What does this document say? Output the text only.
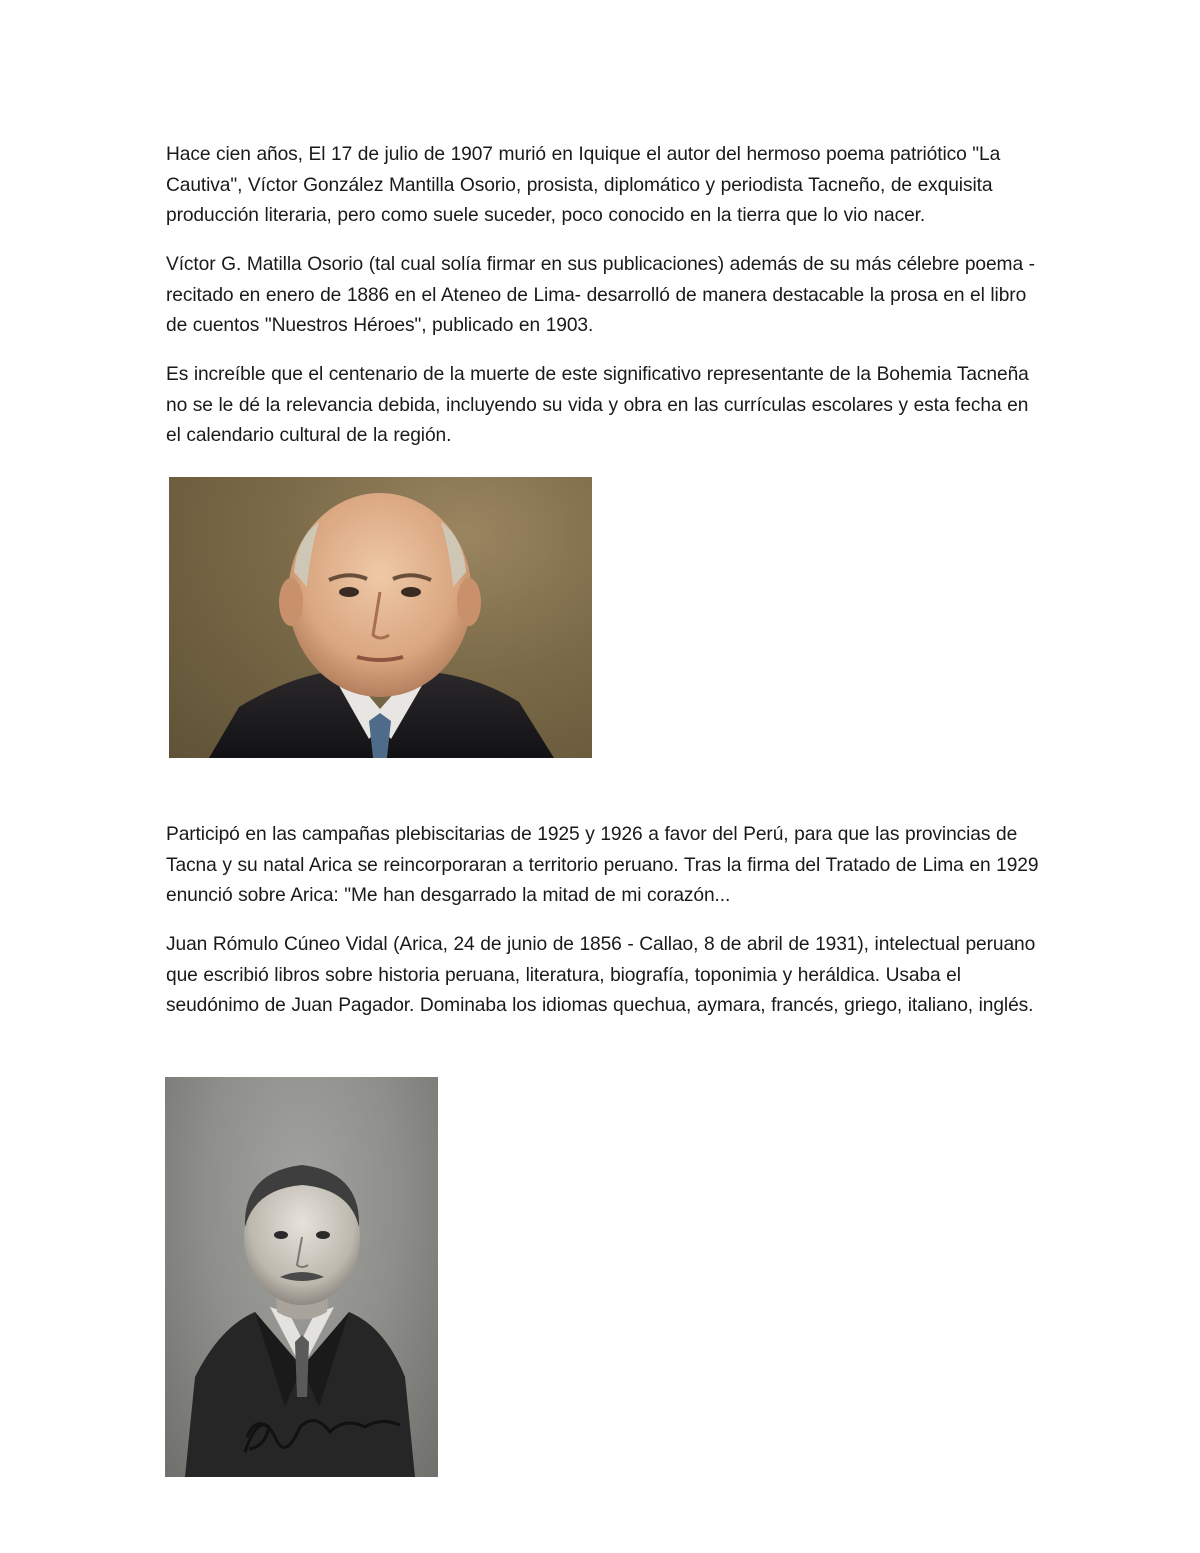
Hace cien años, El 17 de julio de 1907 murió en Iquique el autor del hermoso poema patriótico "La Cautiva", Víctor González Mantilla Osorio, prosista, diplomático y periodista Tacneño, de exquisita producción literaria, pero como suele suceder, poco conocido en la tierra que lo vio nacer.

Víctor G. Matilla Osorio (tal cual solía firmar en sus publicaciones) además de su más célebre poema -recitado en enero de 1886 en el Ateneo de Lima- desarrolló de manera destacable la prosa en el libro de cuentos "Nuestros Héroes", publicado en 1903.

Es increíble que el centenario de la muerte de este significativo representante de la Bohemia Tacneña no se le dé la relevancia debida, incluyendo su vida y obra en las currículas escolares y esta fecha en el calendario cultural de la región.

Participó en las campañas plebiscitarias de 1925 y 1926 a favor del Perú, para que las provincias de Tacna y su natal Arica se reincorporaran a territorio peruano. Tras la firma del Tratado de Lima en 1929 enunció sobre Arica: "Me han desgarrado la mitad de mi corazón...

Juan Rómulo Cúneo Vidal (Arica, 24 de junio de 1856 - Callao, 8 de abril de 1931), intelectual peruano que escribió libros sobre historia peruana, literatura, biografía, toponimia y heráldica. Usaba el seudónimo de Juan Pagador. Dominaba los idiomas quechua, aymara, francés, griego, italiano, inglés.
